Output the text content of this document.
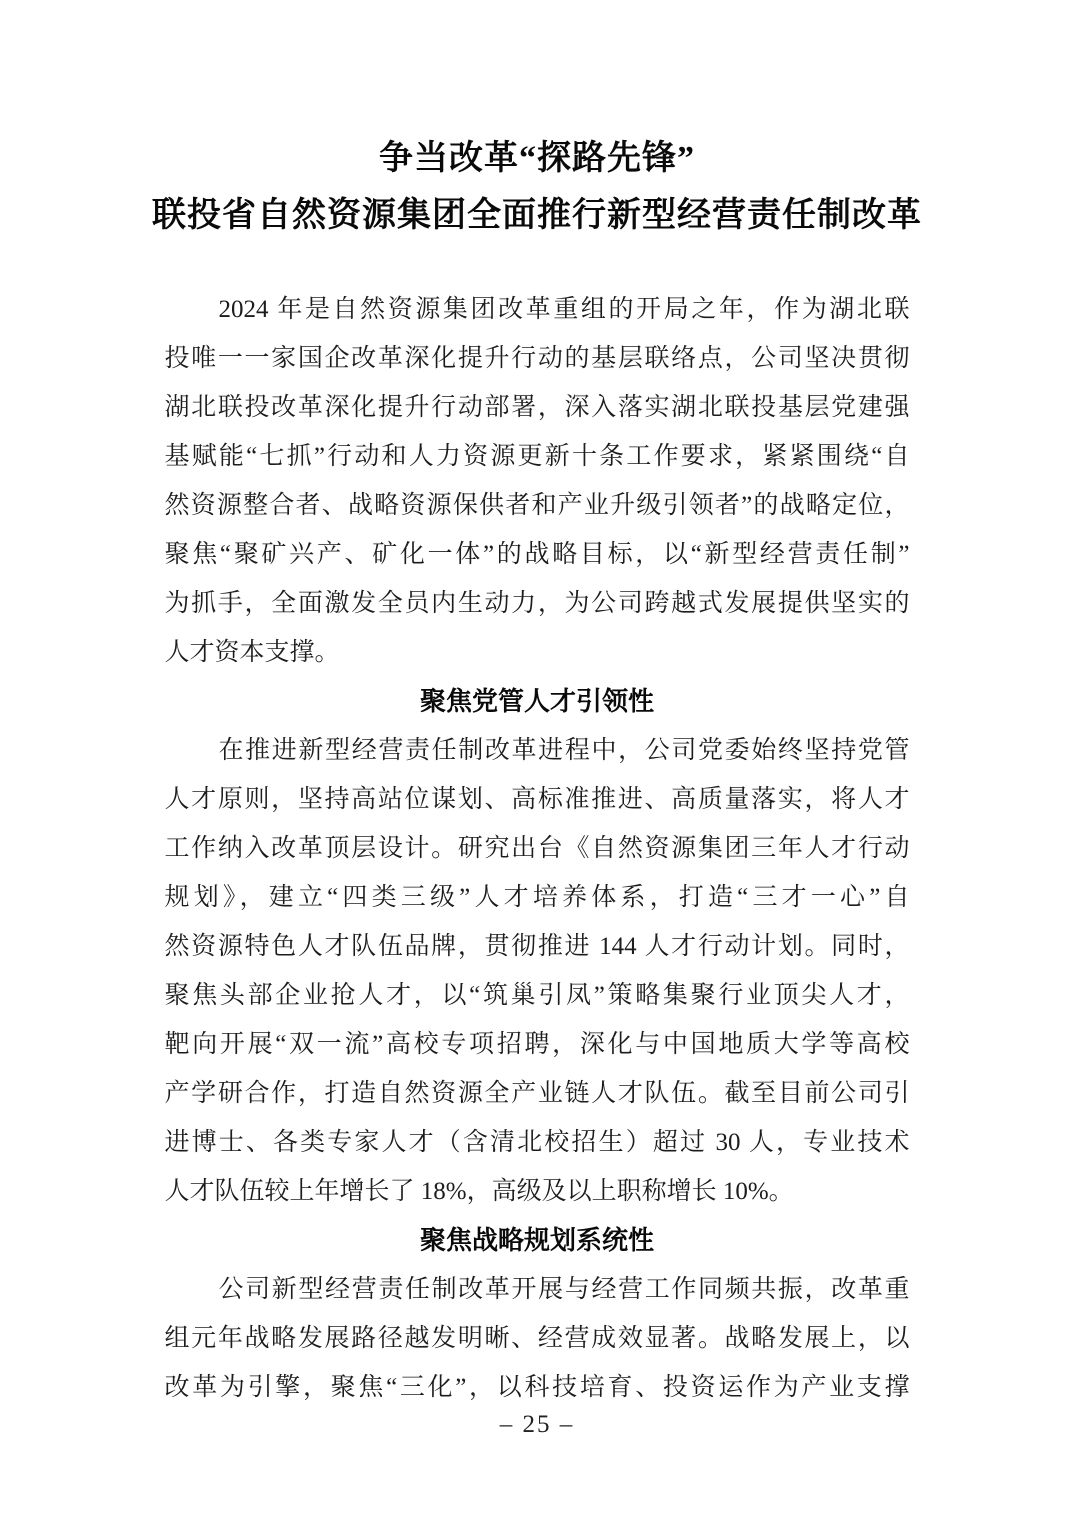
争当改革“探路先锋”
联投省自然资源集团全面推行新型经营责任制改革
2024 年是自然资源集团改革重组的开局之年，作为湖北联
投唯一一家国企改革深化提升行动的基层联络点，公司坚决贯彻
湖北联投改革深化提升行动部署，深入落实湖北联投基层党建强
基赋能“七抓”行动和人力资源更新十条工作要求，紧紧围绕“自
然资源整合者、战略资源保供者和产业升级引领者”的战略定位，
聚焦“聚矿兴产、矿化一体”的战略目标，以“新型经营责任制”
为抓手，全面激发全员内生动力，为公司跨越式发展提供坚实的
人才资本支撑。
聚焦党管人才引领性
在推进新型经营责任制改革进程中，公司党委始终坚持党管
人才原则，坚持高站位谋划、高标准推进、高质量落实，将人才
工作纳入改革顶层设计。研究出台《自然资源集团三年人才行动
规划》，建立“四类三级”人才培养体系，打造“三才一心”自
然资源特色人才队伍品牌，贯彻推进 144 人才行动计划。同时，
聚焦头部企业抢人才，以“筑巢引凤”策略集聚行业顶尖人才，
靶向开展“双一流”高校专项招聘，深化与中国地质大学等高校
产学研合作，打造自然资源全产业链人才队伍。截至目前公司引
进博士、各类专家人才（含清北校招生）超过 30 人，专业技术
人才队伍较上年增长了 18%，高级及以上职称增长 10%。
聚焦战略规划系统性
公司新型经营责任制改革开展与经营工作同频共振，改革重
组元年战略发展路径越发明晰、经营成效显著。战略发展上，以
改革为引擎，聚焦“三化”，以科技培育、投资运作为产业支撑
– 25 –
